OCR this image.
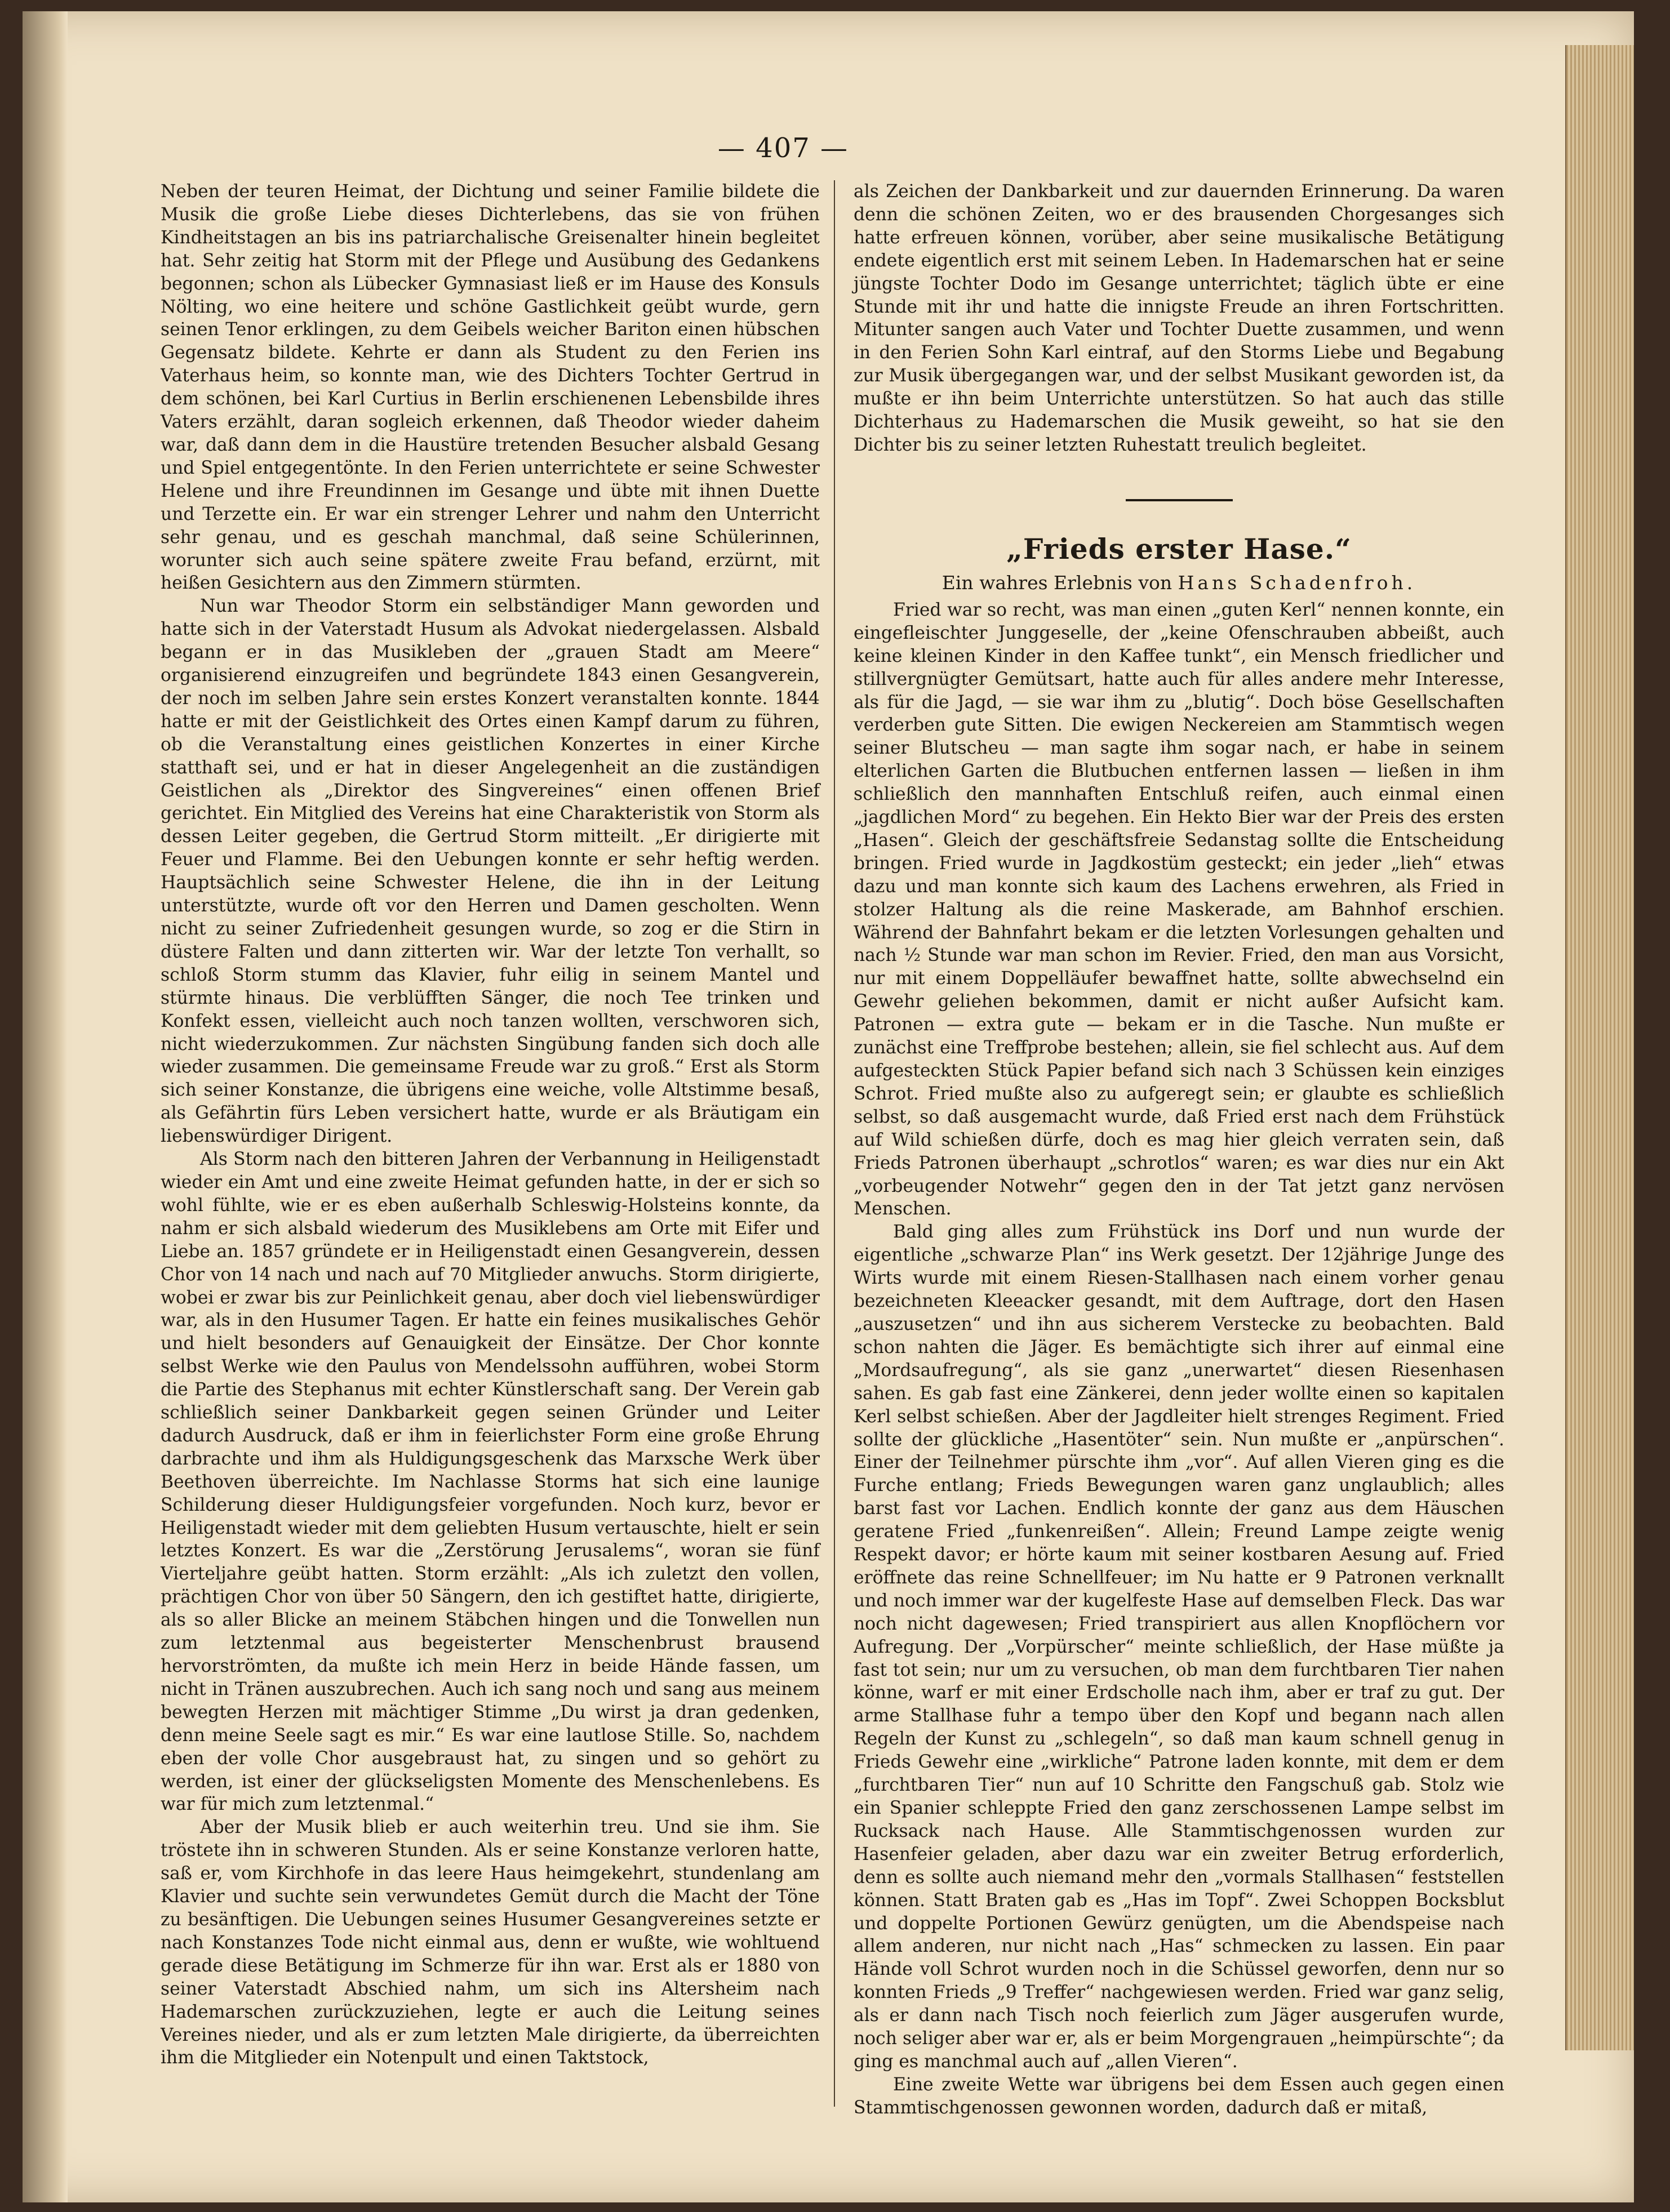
— 407 —

Neben der teuren Heimat, der Dichtung und seiner Familie bildete die Musik die große Liebe dieses Dichterlebens, das sie von frühen Kindheitstagen an bis ins patriarchalische Greisenalter hinein begleitet hat. Sehr zeitig hat Storm mit der Pflege und Ausübung des Gedankens begonnen; schon als Lübecker Gymnasiast ließ er im Hause des Konsuls Nölting, wo eine heitere und schöne Gastlichkeit geübt wurde, gern seinen Tenor erklingen, zu dem Geibels weicher Bariton einen hübschen Gegensatz bildete. Kehrte er dann als Student zu den Ferien ins Vaterhaus heim, so konnte man, wie des Dichters Tochter Gertrud in dem schönen, bei Karl Curtius in Berlin erschienenen Lebensbilde ihres Vaters erzählt, daran sogleich erkennen, daß Theodor wieder daheim war, daß dann dem in die Haustüre tretenden Besucher alsbald Gesang und Spiel entgegentönte. In den Ferien unterrichtete er seine Schwester Helene und ihre Freundinnen im Gesange und übte mit ihnen Duette und Terzette ein. Er war ein strenger Lehrer und nahm den Unterricht sehr genau, und es geschah manchmal, daß seine Schülerinnen, worunter sich auch seine spätere zweite Frau befand, erzürnt, mit heißen Gesichtern aus den Zimmern stürmten.

Nun war Theodor Storm ein selbständiger Mann geworden und hatte sich in der Vaterstadt Husum als Advokat niedergelassen. Alsbald begann er in das Musikleben der „grauen Stadt am Meere“ organisierend einzugreifen und begründete 1843 einen Gesangverein, der noch im selben Jahre sein erstes Konzert veranstalten konnte. 1844 hatte er mit der Geistlichkeit des Ortes einen Kampf darum zu führen, ob die Veranstaltung eines geistlichen Konzertes in einer Kirche statthaft sei, und er hat in dieser Angelegenheit an die zuständigen Geistlichen als „Direktor des Singvereines“ einen offenen Brief gerichtet. Ein Mitglied des Vereins hat eine Charakteristik von Storm als dessen Leiter gegeben, die Gertrud Storm mitteilt. „Er dirigierte mit Feuer und Flamme. Bei den Uebungen konnte er sehr heftig werden. Hauptsächlich seine Schwester Helene, die ihn in der Leitung unterstützte, wurde oft vor den Herren und Damen gescholten. Wenn nicht zu seiner Zufriedenheit gesungen wurde, so zog er die Stirn in düstere Falten und dann zitterten wir. War der letzte Ton verhallt, so schloß Storm stumm das Klavier, fuhr eilig in seinem Mantel und stürmte hinaus. Die verblüfften Sänger, die noch Tee trinken und Konfekt essen, vielleicht auch noch tanzen wollten, verschworen sich, nicht wiederzukommen. Zur nächsten Singübung fanden sich doch alle wieder zusammen. Die gemeinsame Freude war zu groß.“ Erst als Storm sich seiner Konstanze, die übrigens eine weiche, volle Altstimme besaß, als Gefährtin fürs Leben versichert hatte, wurde er als Bräutigam ein liebenswürdiger Dirigent.

Als Storm nach den bitteren Jahren der Verbannung in Heiligenstadt wieder ein Amt und eine zweite Heimat gefunden hatte, in der er sich so wohl fühlte, wie er es eben außerhalb Schleswig-Holsteins konnte, da nahm er sich alsbald wiederum des Musiklebens am Orte mit Eifer und Liebe an. 1857 gründete er in Heiligenstadt einen Gesangverein, dessen Chor von 14 nach und nach auf 70 Mitglieder anwuchs. Storm dirigierte, wobei er zwar bis zur Peinlichkeit genau, aber doch viel liebenswürdiger war, als in den Husumer Tagen. Er hatte ein feines musikalisches Gehör und hielt besonders auf Genauigkeit der Einsätze. Der Chor konnte selbst Werke wie den Paulus von Mendelssohn aufführen, wobei Storm die Partie des Stephanus mit echter Künstlerschaft sang. Der Verein gab schließlich seiner Dankbarkeit gegen seinen Gründer und Leiter dadurch Ausdruck, daß er ihm in feierlichster Form eine große Ehrung darbrachte und ihm als Huldigungsgeschenk das Marxsche Werk über Beethoven überreichte. Im Nachlasse Storms hat sich eine launige Schilderung dieser Huldigungsfeier vorgefunden. Noch kurz, bevor er Heiligenstadt wieder mit dem geliebten Husum vertauschte, hielt er sein letztes Konzert. Es war die „Zerstörung Jerusalems“, woran sie fünf Vierteljahre geübt hatten. Storm erzählt: „Als ich zuletzt den vollen, prächtigen Chor von über 50 Sängern, den ich gestiftet hatte, dirigierte, als so aller Blicke an meinem Stäbchen hingen und die Tonwellen nun zum letztenmal aus begeisterter Menschenbrust brausend hervorströmten, da mußte ich mein Herz in beide Hände fassen, um nicht in Tränen auszubrechen. Auch ich sang noch und sang aus meinem bewegten Herzen mit mächtiger Stimme „Du wirst ja dran gedenken, denn meine Seele sagt es mir.“ Es war eine lautlose Stille. So, nachdem eben der volle Chor ausgebraust hat, zu singen und so gehört zu werden, ist einer der glückseligsten Momente des Menschenlebens. Es war für mich zum letztenmal.“

Aber der Musik blieb er auch weiterhin treu. Und sie ihm. Sie tröstete ihn in schweren Stunden. Als er seine Konstanze verloren hatte, saß er, vom Kirchhofe in das leere Haus heimgekehrt, stundenlang am Klavier und suchte sein verwundetes Gemüt durch die Macht der Töne zu besänftigen. Die Uebungen seines Husumer Gesangvereines setzte er nach Konstanzes Tode nicht einmal aus, denn er wußte, wie wohltuend gerade diese Betätigung im Schmerze für ihn war. Erst als er 1880 von seiner Vaterstadt Abschied nahm, um sich ins Altersheim nach Hademarschen zurückzuziehen, legte er auch die Leitung seines Vereines nieder, und als er zum letzten Male dirigierte, da überreichten ihm die Mitglieder ein Notenpult und einen Taktstock,

als Zeichen der Dankbarkeit und zur dauernden Erinnerung. Da waren denn die schönen Zeiten, wo er des brausenden Chorgesanges sich hatte erfreuen können, vorüber, aber seine musikalische Betätigung endete eigentlich erst mit seinem Leben. In Hademarschen hat er seine jüngste Tochter Dodo im Gesange unterrichtet; täglich übte er eine Stunde mit ihr und hatte die innigste Freude an ihren Fortschritten. Mitunter sangen auch Vater und Tochter Duette zusammen, und wenn in den Ferien Sohn Karl eintraf, auf den Storms Liebe und Begabung zur Musik übergegangen war, und der selbst Musikant geworden ist, da mußte er ihn beim Unterrichte unterstützen. So hat auch das stille Dichterhaus zu Hademarschen die Musik geweiht, so hat sie den Dichter bis zu seiner letzten Ruhestatt treulich begleitet.

„Frieds erster Hase.“
Ein wahres Erlebnis von Hans Schadenfroh.

Fried war so recht, was man einen „guten Kerl“ nennen konnte, ein eingefleischter Junggeselle, der „keine Ofenschrauben abbeißt, auch keine kleinen Kinder in den Kaffee tunkt“, ein Mensch friedlicher und stillvergnügter Gemütsart, hatte auch für alles andere mehr Interesse, als für die Jagd, — sie war ihm zu „blutig“. Doch böse Gesellschaften verderben gute Sitten. Die ewigen Neckereien am Stammtisch wegen seiner Blutscheu — man sagte ihm sogar nach, er habe in seinem elterlichen Garten die Blutbuchen entfernen lassen — ließen in ihm schließlich den mannhaften Entschluß reifen, auch einmal einen „jagdlichen Mord“ zu begehen. Ein Hekto Bier war der Preis des ersten „Hasen“. Gleich der geschäftsfreie Sedanstag sollte die Entscheidung bringen. Fried wurde in Jagdkostüm gesteckt; ein jeder „lieh“ etwas dazu und man konnte sich kaum des Lachens erwehren, als Fried in stolzer Haltung als die reine Maskerade, am Bahnhof erschien. Während der Bahnfahrt bekam er die letzten Vorlesungen gehalten und nach ½ Stunde war man schon im Revier. Fried, den man aus Vorsicht, nur mit einem Doppelläufer bewaffnet hatte, sollte abwechselnd ein Gewehr geliehen bekommen, damit er nicht außer Aufsicht kam. Patronen — extra gute — bekam er in die Tasche. Nun mußte er zunächst eine Treffprobe bestehen; allein, sie fiel schlecht aus. Auf dem aufgesteckten Stück Papier befand sich nach 3 Schüssen kein einziges Schrot. Fried mußte also zu aufgeregt sein; er glaubte es schließlich selbst, so daß ausgemacht wurde, daß Fried erst nach dem Frühstück auf Wild schießen dürfe, doch es mag hier gleich verraten sein, daß Frieds Patronen überhaupt „schrotlos“ waren; es war dies nur ein Akt „vorbeugender Notwehr“ gegen den in der Tat jetzt ganz nervösen Menschen.

Bald ging alles zum Frühstück ins Dorf und nun wurde der eigentliche „schwarze Plan“ ins Werk gesetzt. Der 12jährige Junge des Wirts wurde mit einem Riesen-Stallhasen nach einem vorher genau bezeichneten Kleeacker gesandt, mit dem Auftrage, dort den Hasen „auszusetzen“ und ihn aus sicherem Verstecke zu beobachten. Bald schon nahten die Jäger. Es bemächtigte sich ihrer auf einmal eine „Mordsaufregung“, als sie ganz „unerwartet“ diesen Riesenhasen sahen. Es gab fast eine Zänkerei, denn jeder wollte einen so kapitalen Kerl selbst schießen. Aber der Jagdleiter hielt strenges Regiment. Fried sollte der glückliche „Hasentöter“ sein. Nun mußte er „anpürschen“. Einer der Teilnehmer pürschte ihm „vor“. Auf allen Vieren ging es die Furche entlang; Frieds Bewegungen waren ganz unglaublich; alles barst fast vor Lachen. Endlich konnte der ganz aus dem Häuschen geratene Fried „funkenreißen“. Allein; Freund Lampe zeigte wenig Respekt davor; er hörte kaum mit seiner kostbaren Aesung auf. Fried eröffnete das reine Schnellfeuer; im Nu hatte er 9 Patronen verknallt und noch immer war der kugelfeste Hase auf demselben Fleck. Das war noch nicht dagewesen; Fried transpiriert aus allen Knopflöchern vor Aufregung. Der „Vorpürscher“ meinte schließlich, der Hase müßte ja fast tot sein; nur um zu versuchen, ob man dem furchtbaren Tier nahen könne, warf er mit einer Erdscholle nach ihm, aber er traf zu gut. Der arme Stallhase fuhr a tempo über den Kopf und begann nach allen Regeln der Kunst zu „schlegeln“, so daß man kaum schnell genug in Frieds Gewehr eine „wirkliche“ Patrone laden konnte, mit dem er dem „furchtbaren Tier“ nun auf 10 Schritte den Fangschuß gab. Stolz wie ein Spanier schleppte Fried den ganz zerschossenen Lampe selbst im Rucksack nach Hause. Alle Stammtischgenossen wurden zur Hasenfeier geladen, aber dazu war ein zweiter Betrug erforderlich, denn es sollte auch niemand mehr den „vormals Stallhasen“ feststellen können. Statt Braten gab es „Has im Topf“. Zwei Schoppen Bocksblut und doppelte Portionen Gewürz genügten, um die Abendspeise nach allem anderen, nur nicht nach „Has“ schmecken zu lassen. Ein paar Hände voll Schrot wurden noch in die Schüssel geworfen, denn nur so konnten Frieds „9 Treffer“ nachgewiesen werden. Fried war ganz selig, als er dann nach Tisch noch feierlich zum Jäger ausgerufen wurde, noch seliger aber war er, als er beim Morgengrauen „heimpürschte“; da ging es manchmal auch auf „allen Vieren“.

Eine zweite Wette war übrigens bei dem Essen auch gegen einen Stammtischgenossen gewonnen worden, dadurch daß er mitaß,
